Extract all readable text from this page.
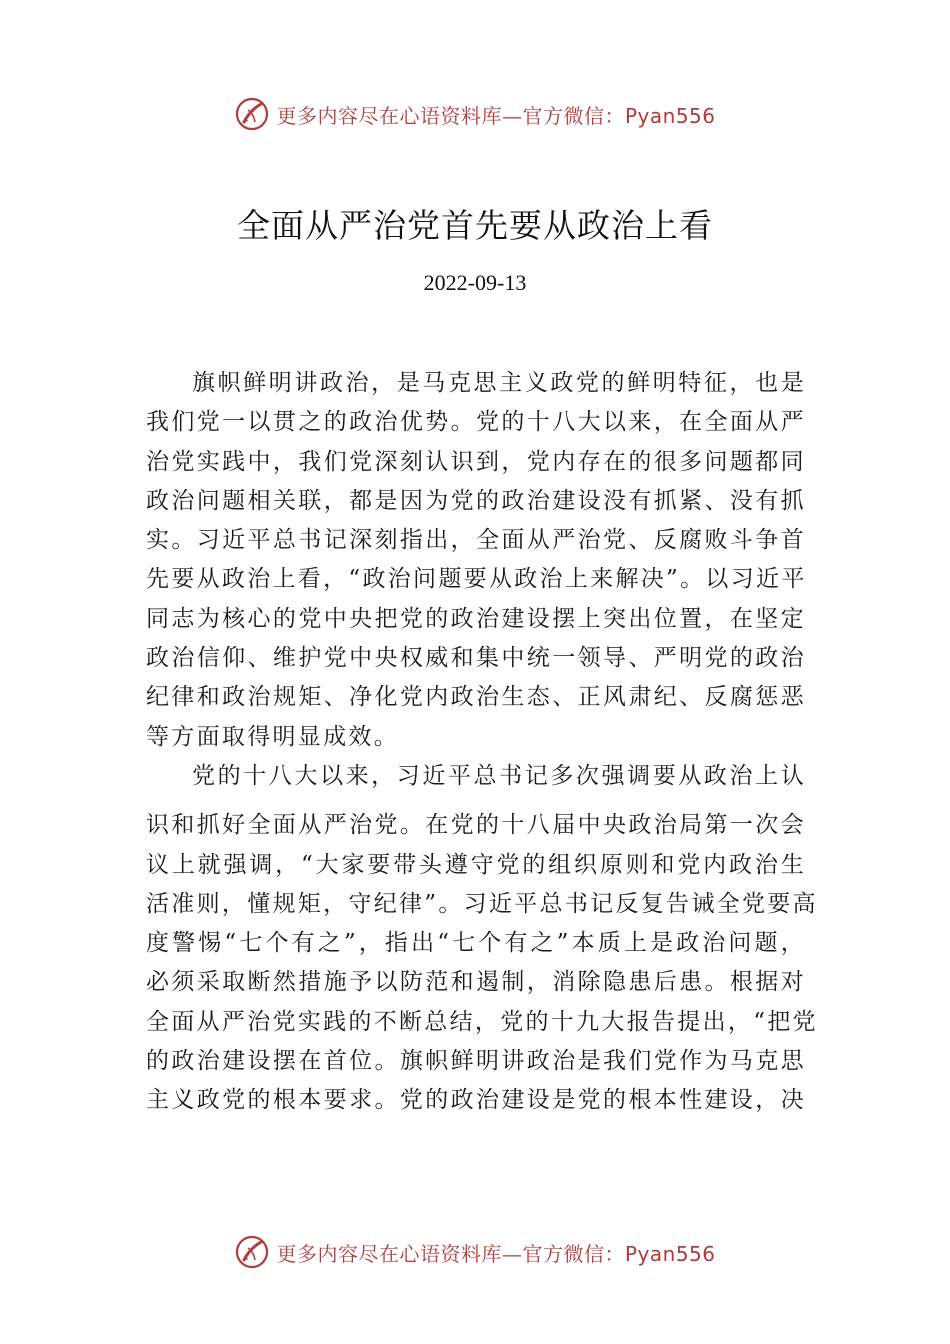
更多内容尽在心语资料库—官方微信：Pyan556
全面从严治党首先要从政治上看
2022-09-13
旗帜鲜明讲政治，是马克思主义政党的鲜明特征，也是
我们党一以贯之的政治优势。党的十八大以来，在全面从严
治党实践中，我们党深刻认识到，党内存在的很多问题都同
政治问题相关联，都是因为党的政治建设没有抓紧、没有抓
实。习近平总书记深刻指出，全面从严治党、反腐败斗争首
先要从政治上看，“政治问题要从政治上来解决”。以习近平
同志为核心的党中央把党的政治建设摆上突出位置，在坚定
政治信仰、维护党中央权威和集中统一领导、严明党的政治
纪律和政治规矩、净化党内政治生态、正风肃纪、反腐惩恶
等方面取得明显成效。
党的十八大以来，习近平总书记多次强调要从政治上认
识和抓好全面从严治党。在党的十八届中央政治局第一次会
议上就强调，“大家要带头遵守党的组织原则和党内政治生
活准则，懂规矩，守纪律”。习近平总书记反复告诫全党要高
度警惕“七个有之”，指出“七个有之”本质上是政治问题，
必须采取断然措施予以防范和遏制，消除隐患后患。根据对
全面从严治党实践的不断总结，党的十九大报告提出，“把党
的政治建设摆在首位。旗帜鲜明讲政治是我们党作为马克思
主义政党的根本要求。党的政治建设是党的根本性建设，决
更多内容尽在心语资料库—官方微信：Pyan556
